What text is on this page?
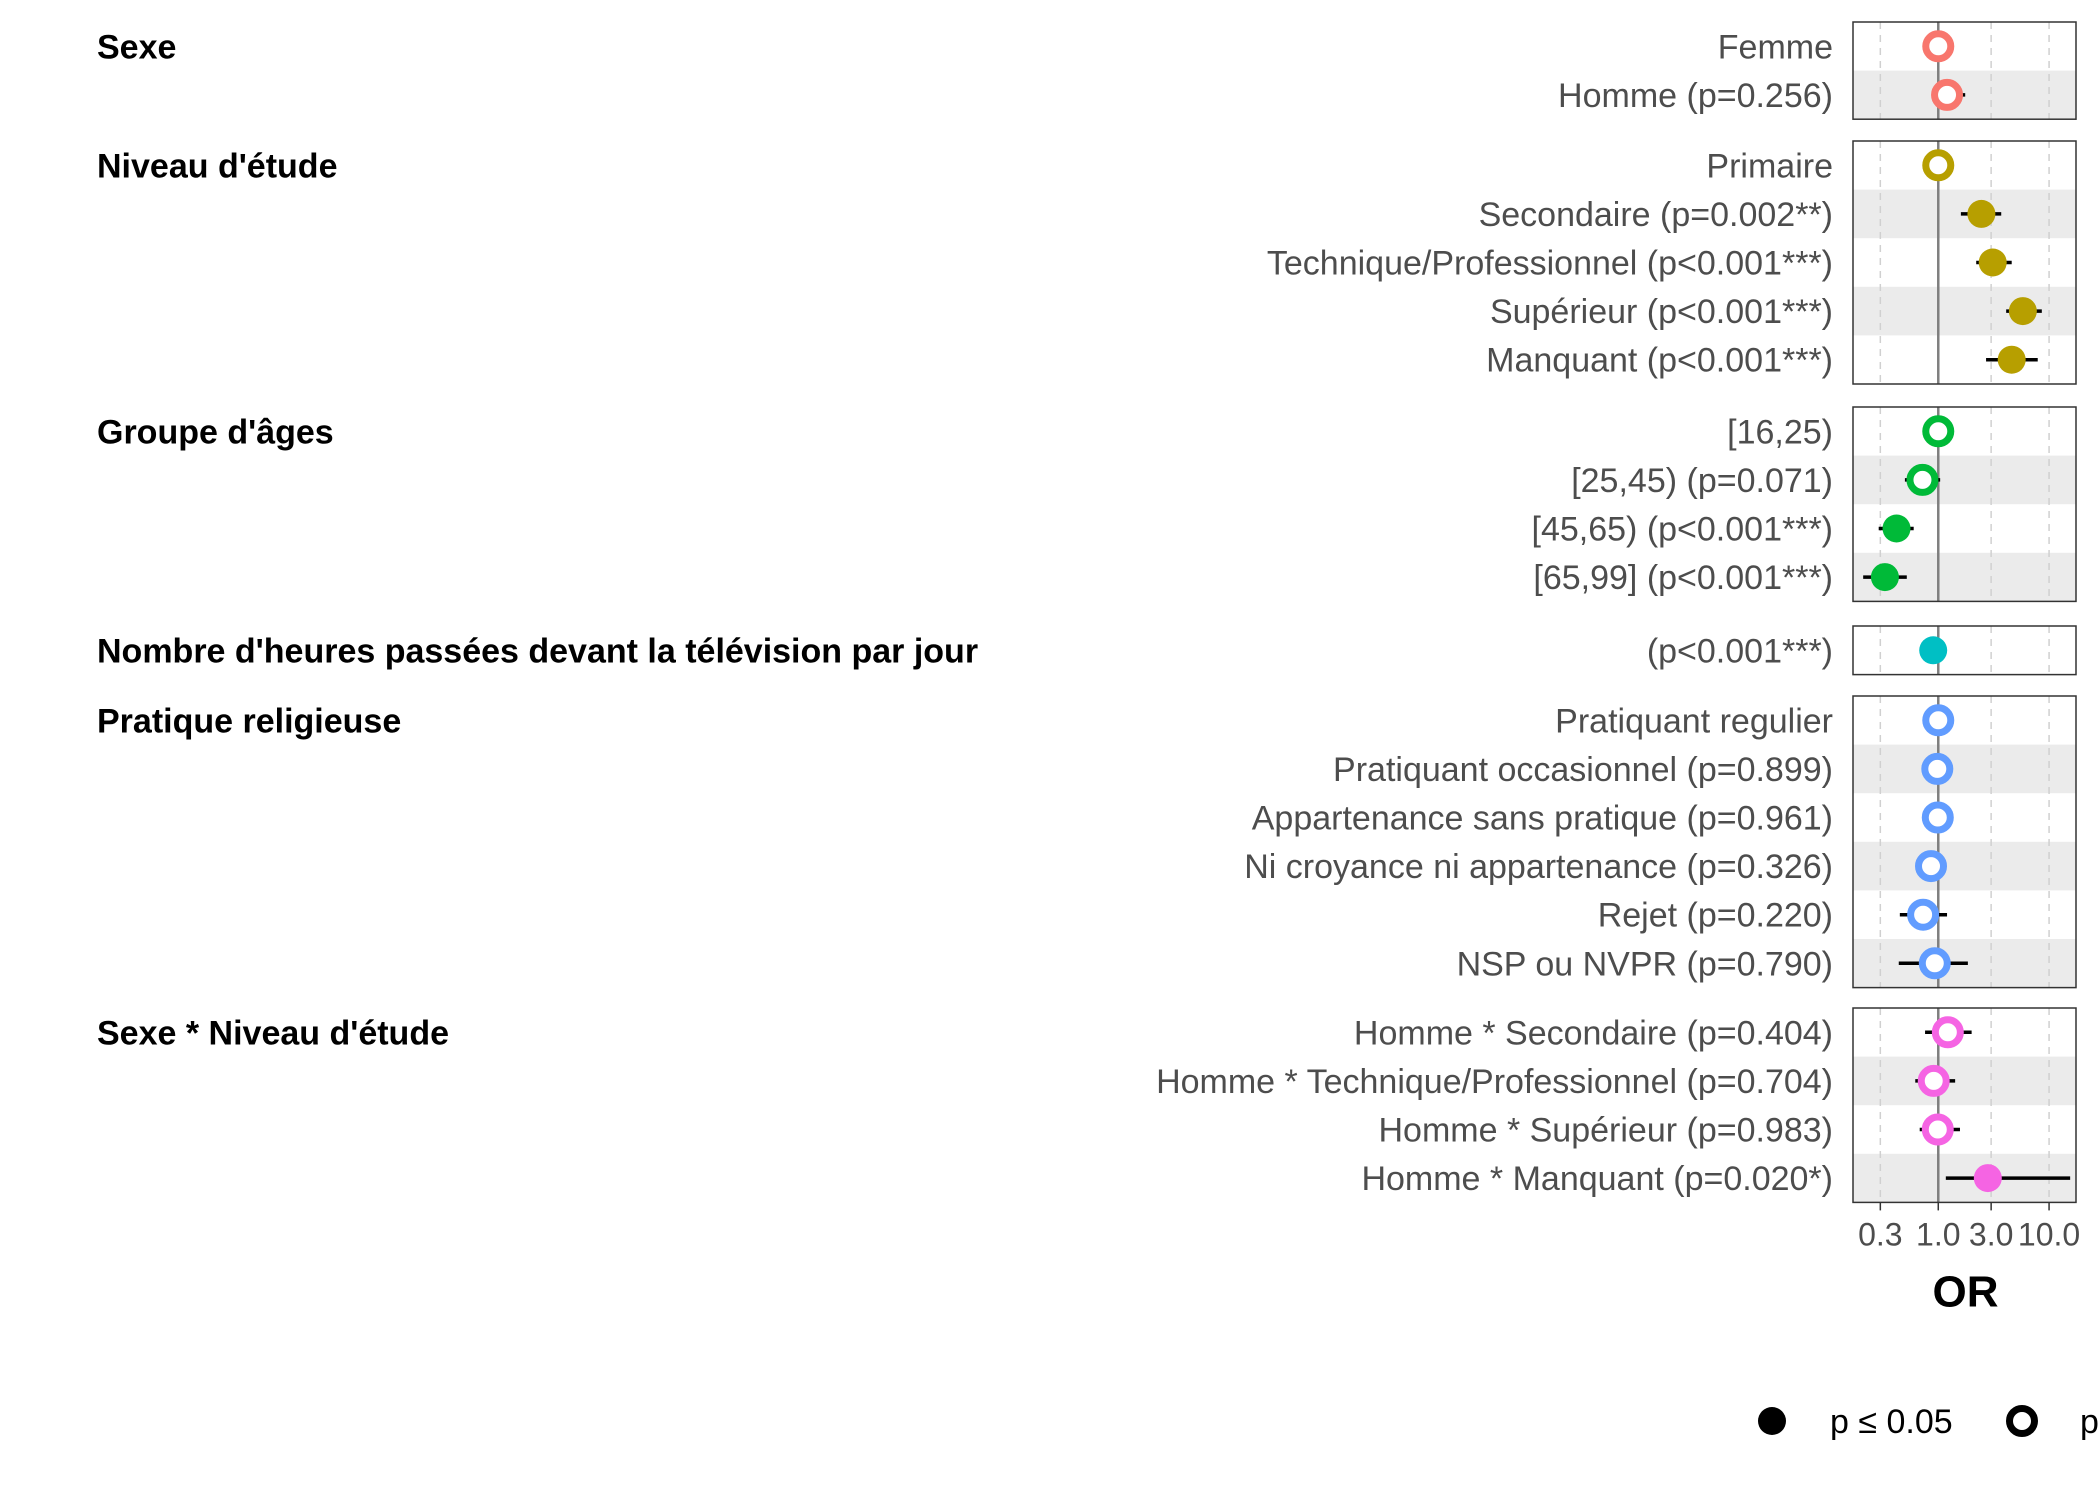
Sexe
Niveau d'étude
Groupe d'âges
Nombre d'heures passées devant la télévision par jour
Pratique religieuse
Sexe * Niveau d'étude
Femme
Homme (p=0.256)
Primaire
Secondaire (p=0.002**)
Technique/Professionnel (p<0.001***)
Supérieur (p<0.001***)
Manquant (p<0.001***)
[16,25)
[25,45) (p=0.071)
[45,65) (p<0.001***)
[65,99] (p<0.001***)
(p<0.001***)
Pratiquant regulier
Pratiquant occasionnel (p=0.899)
Appartenance sans pratique (p=0.961)
Ni croyance ni appartenance (p=0.326)
Rejet (p=0.220)
NSP ou NVPR (p=0.790)
Homme * Secondaire (p=0.404)
Homme * Technique/Professionnel (p=0.704)
Homme * Supérieur (p=0.983)
Homme * Manquant (p=0.020*)
0.3 1.0 3.0 10.0
OR
p ≤ 0.05	p
